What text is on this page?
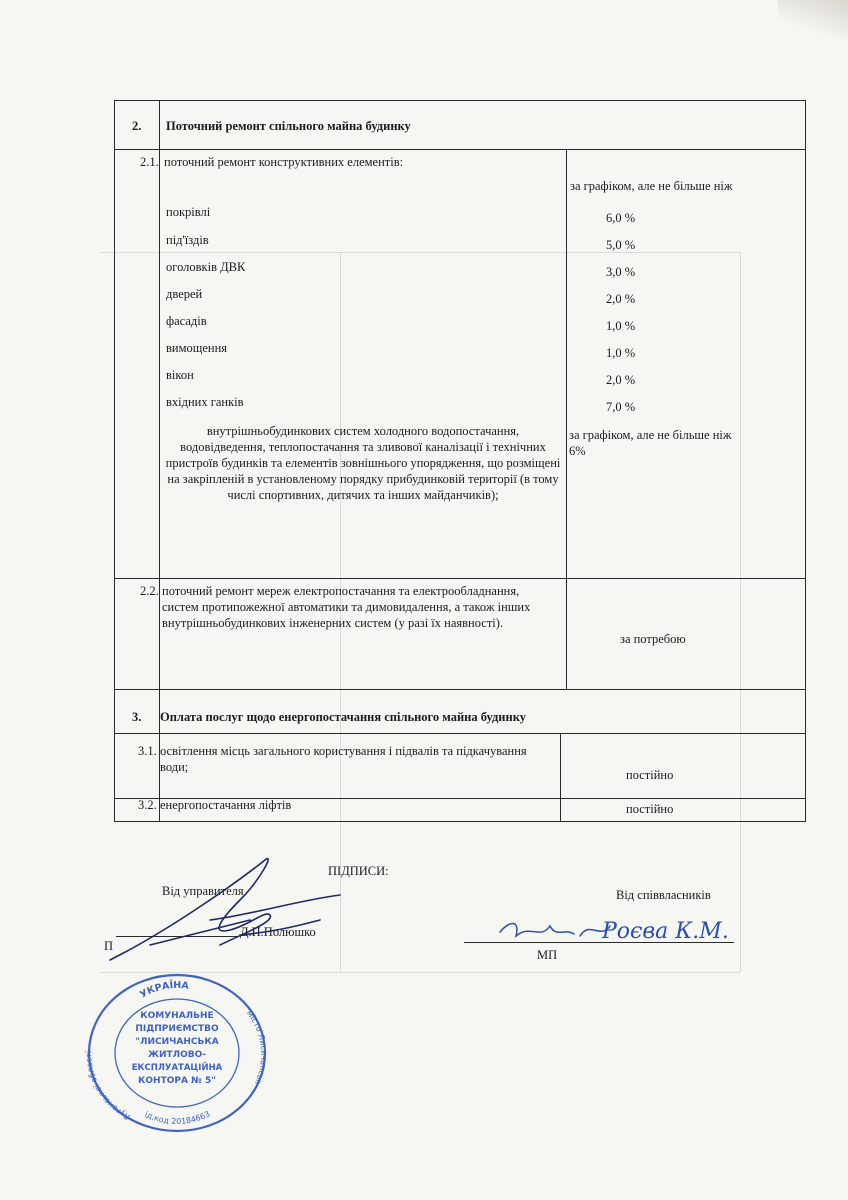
2. Поточний ремонт спільного майна будинку
2.1. поточний ремонт конструктивних елементів:
за графіком, але не більше ніж
покрівлі
під'їздів
оголовків ДВК
дверей
фасадів
вимощення
вікон
вхідних ганків
6,0 %
5,0 %
3,0 %
2,0 %
1,0 %
1,0 %
2,0 %
7,0 %
внутрішньобудинкових систем холодного водопостачання, водовідведення, теплопостачання та зливової каналізації і технічних пристроїв будинків та елементів зовнішнього упорядження, що розміщені на закріпленій в установленому порядку прибудинковій території (в тому числі спортивних, дитячих та інших майданчиків);
за графіком, але не більше ніж 6%
2.2. поточний ремонт мереж електропостачання та електрообладнання, систем протипожежної автоматики та димовидалення, а також інших внутрішньобудинкових інженерних систем (у разі їх наявності).
за потребою
3. Оплата послуг щодо енергопостачання спільного майна будинку
3.1. освітлення місць загального користування і підвалів та підкачування води;
постійно
3.2. енергопостачання ліфтів	постійно
ПІДПИСИ:
Від управителя	Від співвласників
Д.П.Полюшко
П
МП
Роєва К.М.
УКРАЇНА
Луганської області
місто Лисичанськ
ід.код 20184663
КОМУНАЛЬНЕ
ПІДПРИЄМСТВО
"ЛИСИЧАНСЬКА
ЖИТЛОВО-
ЕКСПЛУАТАЦІЙНА
КОНТОРА № 5"
